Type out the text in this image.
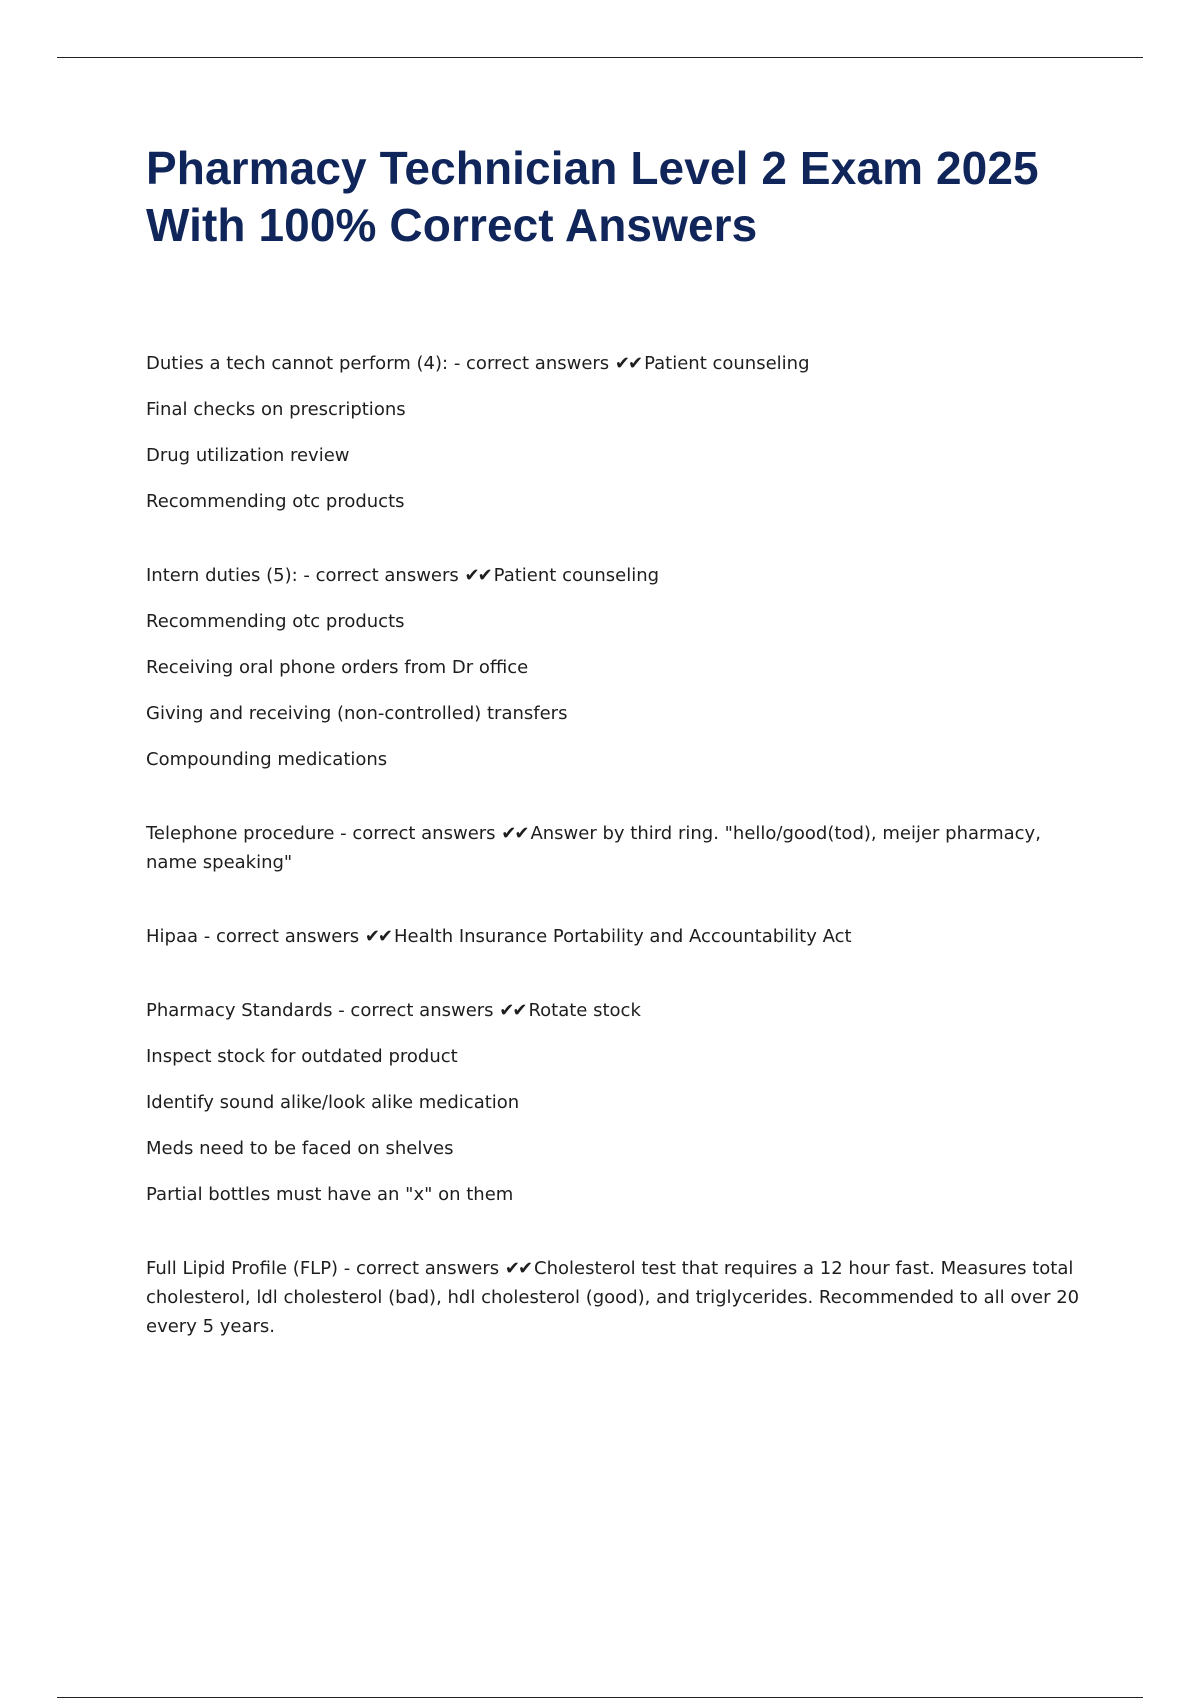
Pharmacy Technician Level 2 Exam 2025
With 100% Correct Answers

Duties a tech cannot perform (4): - correct answers ✔✔ Patient counseling

Final checks on prescriptions

Drug utilization review

Recommending otc products

Intern duties (5): - correct answers ✔✔ Patient counseling

Recommending otc products

Receiving oral phone orders from Dr office

Giving and receiving (non-controlled) transfers

Compounding medications

Telephone procedure - correct answers ✔✔ Answer by third ring. "hello/good(tod), meijer pharmacy, name speaking"

Hipaa - correct answers ✔✔ Health Insurance Portability and Accountability Act

Pharmacy Standards - correct answers ✔✔ Rotate stock

Inspect stock for outdated product

Identify sound alike/look alike medication

Meds need to be faced on shelves

Partial bottles must have an "x" on them

Full Lipid Profile (FLP) - correct answers ✔✔ Cholesterol test that requires a 12 hour fast. Measures total cholesterol, ldl cholesterol (bad), hdl cholesterol (good), and triglycerides. Recommended to all over 20 every 5 years.
